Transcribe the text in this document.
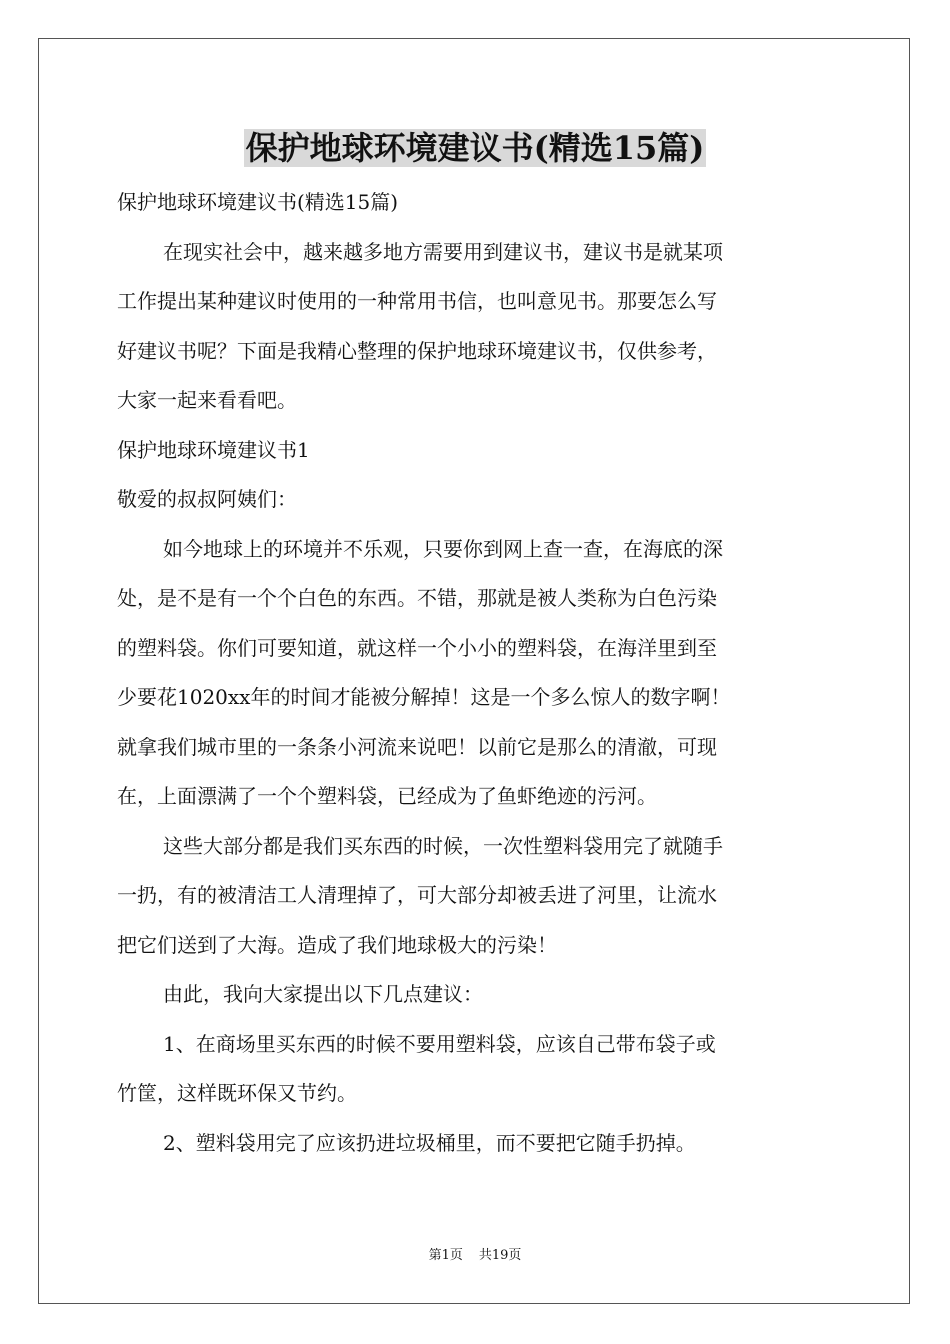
保护地球环境建议书(精选15篇)
保护地球环境建议书(精选15篇)
在现实社会中，越来越多地方需要用到建议书，建议书是就某项
工作提出某种建议时使用的一种常用书信，也叫意见书。那要怎么写
好建议书呢？下面是我精心整理的保护地球环境建议书，仅供参考，
大家一起来看看吧。
保护地球环境建议书1
敬爱的叔叔阿姨们：
如今地球上的环境并不乐观，只要你到网上查一查，在海底的深
处，是不是有一个个白色的东西。不错，那就是被人类称为白色污染
的塑料袋。你们可要知道，就这样一个小小的塑料袋，在海洋里到至
少要花1020xx年的时间才能被分解掉！这是一个多么惊人的数字啊！
就拿我们城市里的一条条小河流来说吧！以前它是那么的清澈，可现
在，上面漂满了一个个塑料袋，已经成为了鱼虾绝迹的污河。
这些大部分都是我们买东西的时候，一次性塑料袋用完了就随手
一扔，有的被清洁工人清理掉了，可大部分却被丢进了河里，让流水
把它们送到了大海。造成了我们地球极大的污染！
由此，我向大家提出以下几点建议：
1、在商场里买东西的时候不要用塑料袋，应该自己带布袋子或
竹筐，这样既环保又节约。
2、塑料袋用完了应该扔进垃圾桶里，而不要把它随手扔掉。
第1页 共19页
